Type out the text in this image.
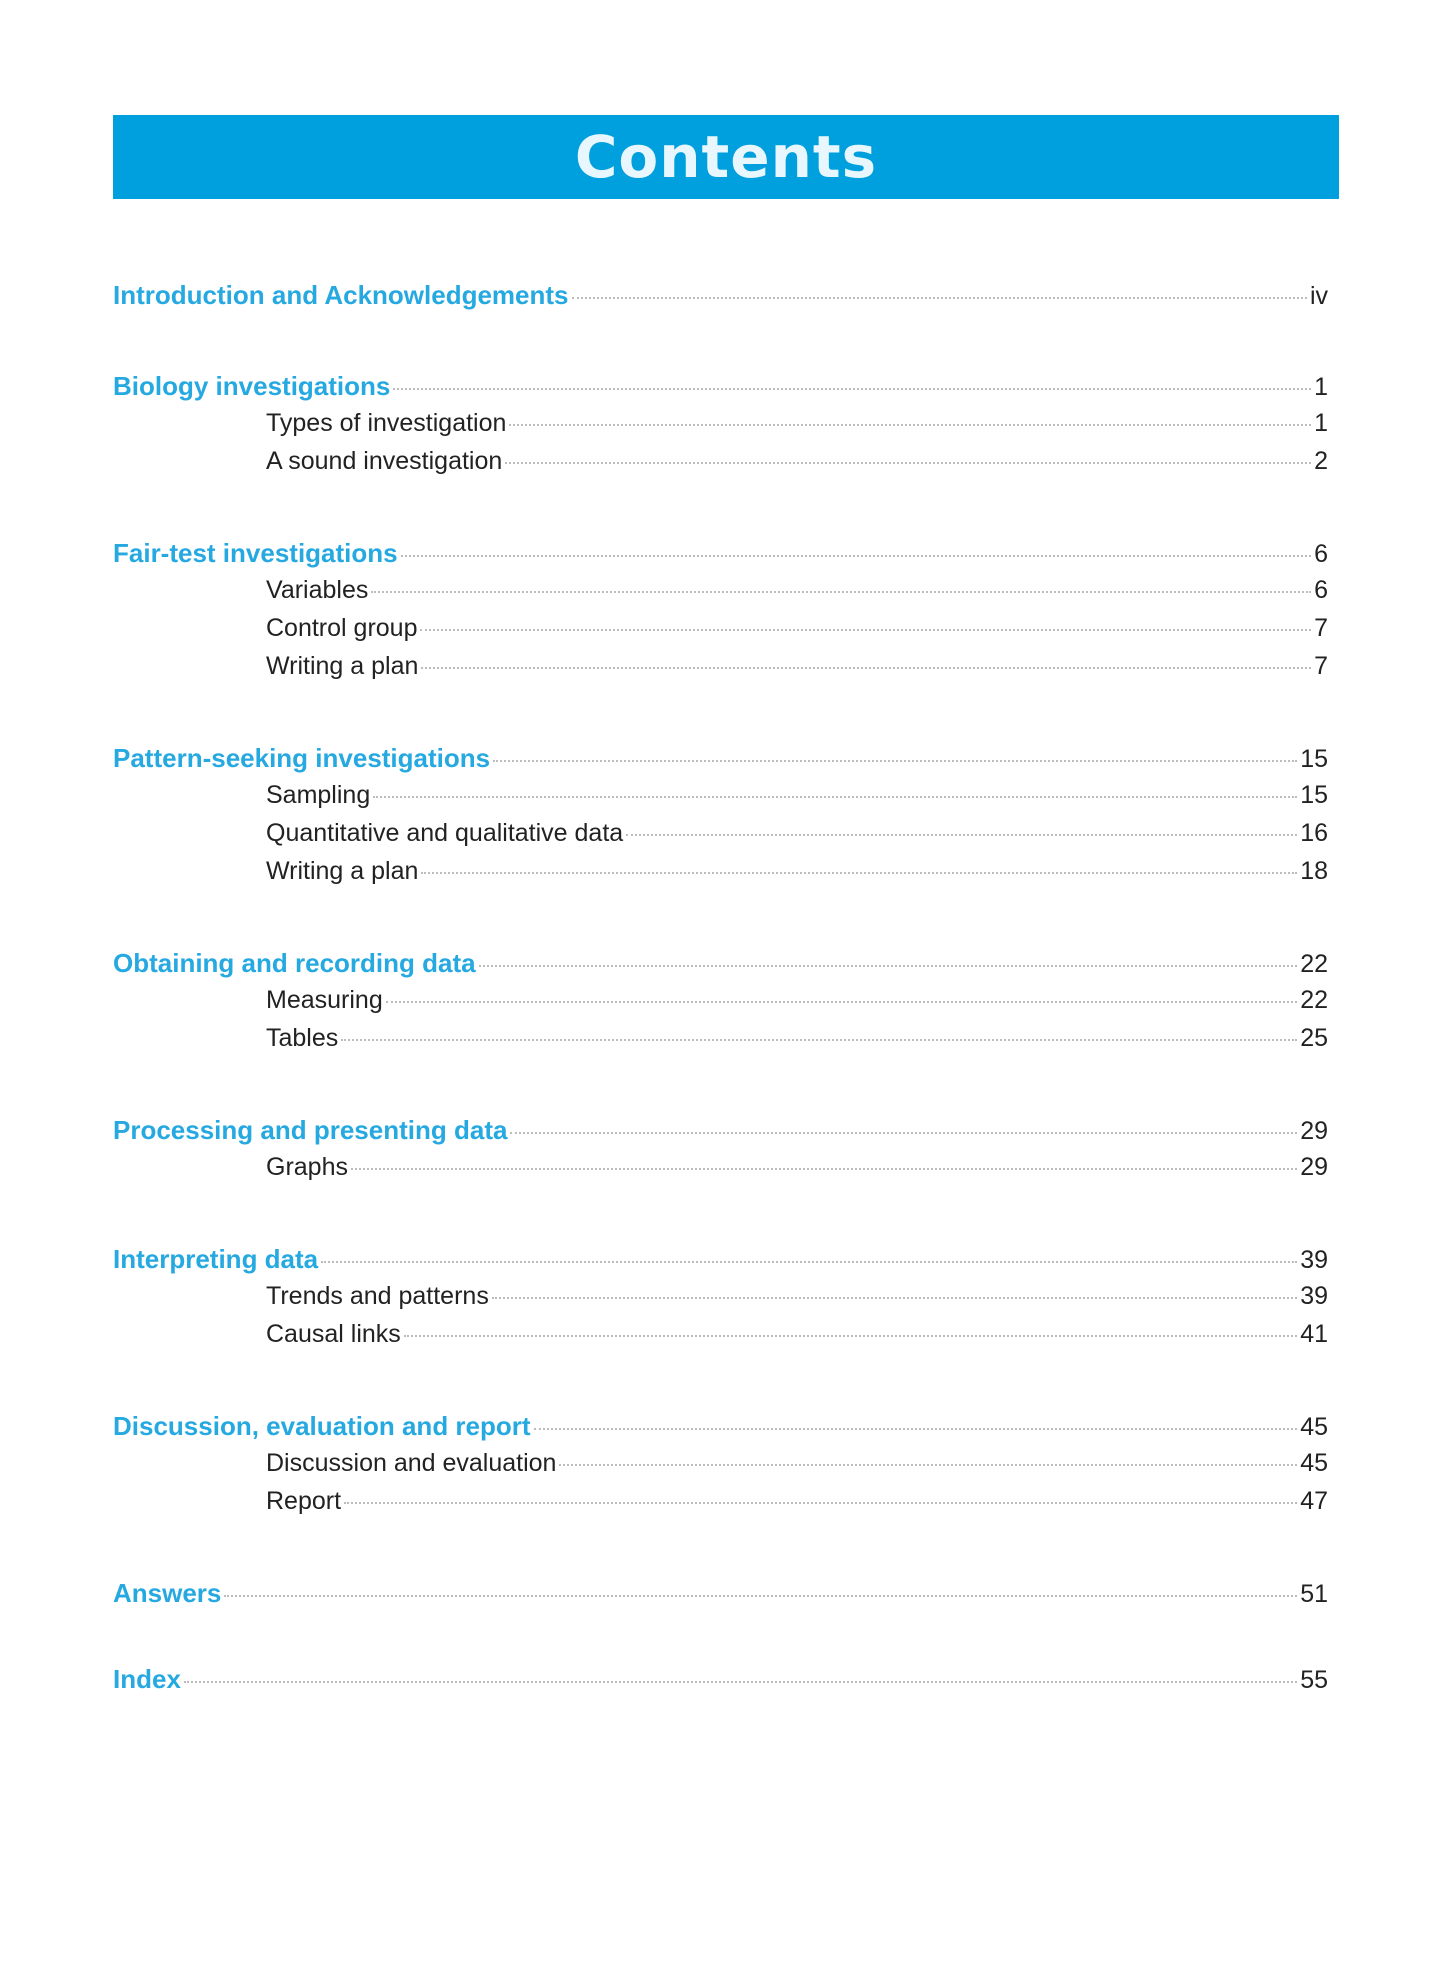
Contents
Introduction and Acknowledgements	iv
Biology investigations	1
Types of investigation	1
A sound investigation	2
Fair-test investigations	6
Variables	6
Control group	7
Writing a plan	7
Pattern-seeking investigations	15
Sampling	15
Quantitative and qualitative data	16
Writing a plan	18
Obtaining and recording data	22
Measuring	22
Tables	25
Processing and presenting data	29
Graphs	29
Interpreting data	39
Trends and patterns	39
Causal links	41
Discussion, evaluation and report	45
Discussion and evaluation	45
Report	47
Answers	51
Index	55
